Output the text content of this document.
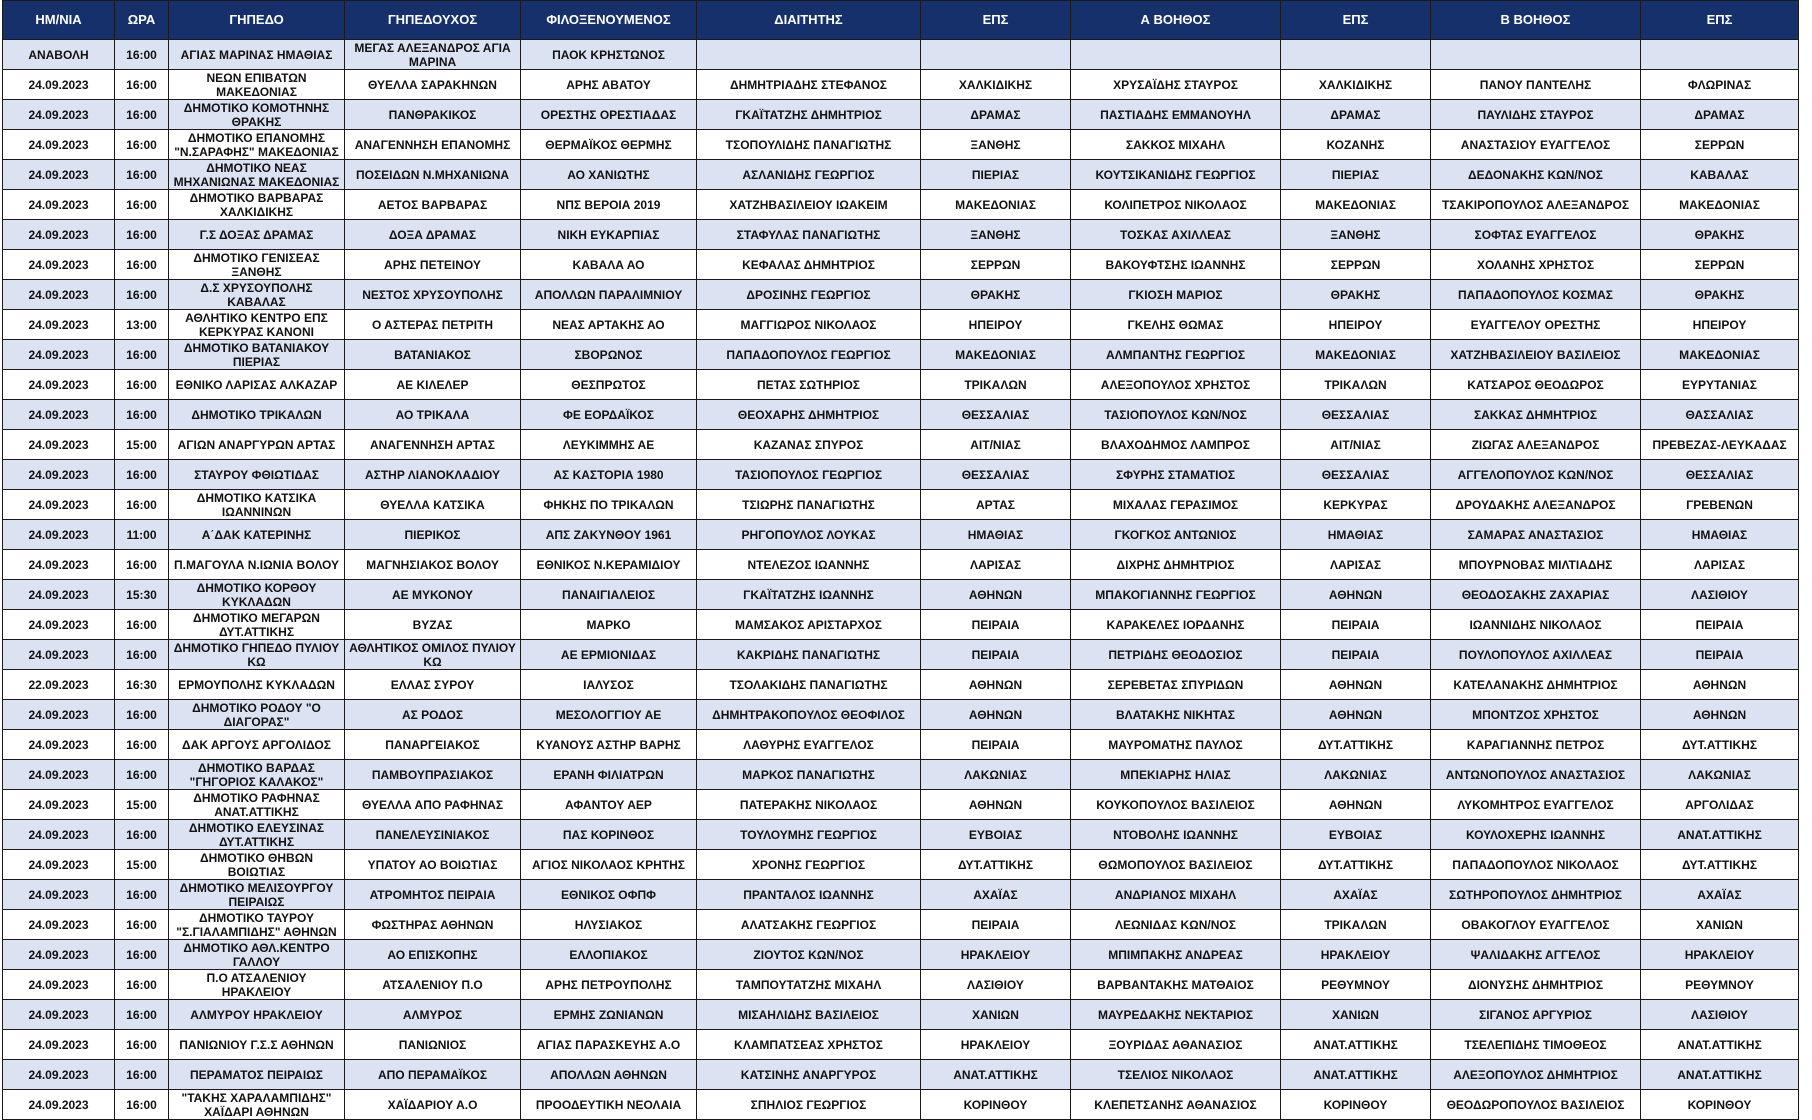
ΗΜ/ΝΙΑ	ΩΡΑ	ΓΗΠΕΔΟ	ΓΗΠΕΔΟΥΧΟΣ	ΦΙΛΟΞΕΝΟΥΜΕΝΟΣ	ΔΙΑΙΤΗΤΗΣ	ΕΠΣ	Α ΒΟΗΘΟΣ	ΕΠΣ	Β ΒΟΗΘΟΣ	ΕΠΣ
ΑΝΑΒΟΛΗ	16:00	ΑΓΙΑΣ ΜΑΡΙΝΑΣ ΗΜΑΘΙΑΣ	ΜΕΓΑΣ ΑΛΕΞΑΝΔΡΟΣ ΑΓΙΑ ΜΑΡΙΝΑ	ΠΑΟΚ ΚΡΗΣΤΩΝΟΣ						
24.09.2023	16:00	ΝΕΩΝ ΕΠΙΒΑΤΩΝ ΜΑΚΕΔΟΝΙΑΣ	ΘΥΕΛΛΑ ΣΑΡΑΚΗΝΩΝ	ΑΡΗΣ ΑΒΑΤΟΥ	ΔΗΜΗΤΡΙΑΔΗΣ ΣΤΕΦΑΝΟΣ	ΧΑΛΚΙΔΙΚΗΣ	ΧΡΥΣΑΪΔΗΣ ΣΤΑΥΡΟΣ	ΧΑΛΚΙΔΙΚΗΣ	ΠΑΝΟΥ ΠΑΝΤΕΛΗΣ	ΦΛΩΡΙΝΑΣ
24.09.2023	16:00	ΔΗΜΟΤΙΚΟ ΚΟΜΟΤΗΝΗΣ ΘΡΑΚΗΣ	ΠΑΝΘΡΑΚΙΚΟΣ	ΟΡΕΣΤΗΣ ΟΡΕΣΤΙΑΔΑΣ	ΓΚΑΪΤΑΤΖΗΣ ΔΗΜΗΤΡΙΟΣ	ΔΡΑΜΑΣ	ΠΑΣΤΙΑΔΗΣ ΕΜΜΑΝΟΥΗΛ	ΔΡΑΜΑΣ	ΠΑΥΛΙΔΗΣ ΣΤΑΥΡΟΣ	ΔΡΑΜΑΣ
24.09.2023	16:00	ΔΗΜΟΤΙΚΟ ΕΠΑΝΟΜΗΣ "Ν.ΣΑΡΑΦΗΣ" ΜΑΚΕΔΟΝΙΑΣ	ΑΝΑΓΕΝΝΗΣΗ ΕΠΑΝΟΜΗΣ	ΘΕΡΜΑΪΚΟΣ ΘΕΡΜΗΣ	ΤΣΟΠΟΥΛΙΔΗΣ ΠΑΝΑΓΙΩΤΗΣ	ΞΑΝΘΗΣ	ΣΑΚΚΟΣ ΜΙΧΑΗΛ	ΚΟΖΑΝΗΣ	ΑΝΑΣΤΑΣΙΟΥ ΕΥΑΓΓΕΛΟΣ	ΣΕΡΡΩΝ
24.09.2023	16:00	ΔΗΜΟΤΙΚΟ ΝΕΑΣ ΜΗΧΑΝΙΩΝΑΣ ΜΑΚΕΔΟΝΙΑΣ	ΠΟΣΕΙΔΩΝ Ν.ΜΗΧΑΝΙΩΝΑ	ΑΟ ΧΑΝΙΩΤΗΣ	ΑΣΛΑΝΙΔΗΣ ΓΕΩΡΓΙΟΣ	ΠΙΕΡΙΑΣ	ΚΟΥΤΣΙΚΑΝΙΔΗΣ ΓΕΩΡΓΙΟΣ	ΠΙΕΡΙΑΣ	ΔΕΔΟΝΑΚΗΣ ΚΩΝ/ΝΟΣ	ΚΑΒΑΛΑΣ
24.09.2023	16:00	ΔΗΜΟΤΙΚΟ ΒΑΡΒΑΡΑΣ ΧΑΛΚΙΔΙΚΗΣ	ΑΕΤΟΣ ΒΑΡΒΑΡΑΣ	ΝΠΣ ΒΕΡΟΙΑ 2019	ΧΑΤΖΗΒΑΣΙΛΕΙΟΥ ΙΩΑΚΕΙΜ	ΜΑΚΕΔΟΝΙΑΣ	ΚΟΛΙΠΕΤΡΟΣ ΝΙΚΟΛΑΟΣ	ΜΑΚΕΔΟΝΙΑΣ	ΤΣΑΚΙΡΟΠΟΥΛΟΣ ΑΛΕΞΑΝΔΡΟΣ	ΜΑΚΕΔΟΝΙΑΣ
24.09.2023	16:00	Γ.Σ ΔΟΞΑΣ ΔΡΑΜΑΣ	ΔΟΞΑ ΔΡΑΜΑΣ	ΝΙΚΗ ΕΥΚΑΡΠΙΑΣ	ΣΤΑΦΥΛΑΣ ΠΑΝΑΓΙΩΤΗΣ	ΞΑΝΘΗΣ	ΤΟΣΚΑΣ ΑΧΙΛΛΕΑΣ	ΞΑΝΘΗΣ	ΣΟΦΤΑΣ ΕΥΑΓΓΕΛΟΣ	ΘΡΑΚΗΣ
24.09.2023	16:00	ΔΗΜΟΤΙΚΟ ΓΕΝΙΣΕΑΣ ΞΑΝΘΗΣ	ΑΡΗΣ ΠΕΤΕΙΝΟΥ	ΚΑΒΑΛΑ ΑΟ	ΚΕΦΑΛΑΣ ΔΗΜΗΤΡΙΟΣ	ΣΕΡΡΩΝ	ΒΑΚΟΥΦΤΣΗΣ ΙΩΑΝΝΗΣ	ΣΕΡΡΩΝ	ΧΟΛΑΝΗΣ ΧΡΗΣΤΟΣ	ΣΕΡΡΩΝ
24.09.2023	16:00	Δ.Σ ΧΡΥΣΟΥΠΟΛΗΣ ΚΑΒΑΛΑΣ	ΝΕΣΤΟΣ ΧΡΥΣΟΥΠΟΛΗΣ	ΑΠΟΛΛΩΝ ΠΑΡΑΛΙΜΝΙΟΥ	ΔΡΟΣΙΝΗΣ ΓΕΩΡΓΙΟΣ	ΘΡΑΚΗΣ	ΓΚΙΟΣΗ ΜΑΡΙΟΣ	ΘΡΑΚΗΣ	ΠΑΠΑΔΟΠΟΥΛΟΣ ΚΟΣΜΑΣ	ΘΡΑΚΗΣ
24.09.2023	13:00	ΑΘΛΗΤΙΚΟ ΚΕΝΤΡΟ ΕΠΣ ΚΕΡΚΥΡΑΣ ΚΑΝΟΝΙ	Ο ΑΣΤΕΡΑΣ ΠΕΤΡΙΤΗ	ΝΕΑΣ ΑΡΤΑΚΗΣ ΑΟ	ΜΑΓΓΙΩΡΟΣ ΝΙΚΟΛΑΟΣ	ΗΠΕΙΡΟΥ	ΓΚΕΛΗΣ ΘΩΜΑΣ	ΗΠΕΙΡΟΥ	ΕΥΑΓΓΕΛΟΥ ΟΡΕΣΤΗΣ	ΗΠΕΙΡΟΥ
24.09.2023	16:00	ΔΗΜΟΤΙΚΟ ΒΑΤΑΝΙΑΚΟΥ ΠΙΕΡΙΑΣ	ΒΑΤΑΝΙΑΚΟΣ	ΣΒΟΡΩΝΟΣ	ΠΑΠΑΔΟΠΟΥΛΟΣ ΓΕΩΡΓΙΟΣ	ΜΑΚΕΔΟΝΙΑΣ	ΑΛΜΠΑΝΤΗΣ ΓΕΩΡΓΙΟΣ	ΜΑΚΕΔΟΝΙΑΣ	ΧΑΤΖΗΒΑΣΙΛΕΙΟΥ ΒΑΣΙΛΕΙΟΣ	ΜΑΚΕΔΟΝΙΑΣ
24.09.2023	16:00	ΕΘΝΙΚΟ ΛΑΡΙΣΑΣ ΑΛΚΑΖΑΡ	ΑΕ ΚΙΛΕΛΕΡ	ΘΕΣΠΡΩΤΟΣ	ΠΕΤΑΣ ΣΩΤΗΡΙΟΣ	ΤΡΙΚΑΛΩΝ	ΑΛΕΞΟΠΟΥΛΟΣ ΧΡΗΣΤΟΣ	ΤΡΙΚΑΛΩΝ	ΚΑΤΣΑΡΟΣ ΘΕΟΔΩΡΟΣ	ΕΥΡΥΤΑΝΙΑΣ
24.09.2023	16:00	ΔΗΜΟΤΙΚΟ ΤΡΙΚΑΛΩΝ	ΑΟ ΤΡΙΚΑΛΑ	ΦΕ ΕΟΡΔΑΪΚΟΣ	ΘΕΟΧΑΡΗΣ ΔΗΜΗΤΡΙΟΣ	ΘΕΣΣΑΛΙΑΣ	ΤΑΣΙΟΠΟΥΛΟΣ ΚΩΝ/ΝΟΣ	ΘΕΣΣΑΛΙΑΣ	ΣΑΚΚΑΣ ΔΗΜΗΤΡΙΟΣ	ΘΑΣΣΑΛΙΑΣ
24.09.2023	15:00	ΑΓΙΩΝ ΑΝΑΡΓΥΡΩΝ ΑΡΤΑΣ	ΑΝΑΓΕΝΝΗΣΗ ΑΡΤΑΣ	ΛΕΥΚΙΜΜΗΣ ΑΕ	ΚΑΖΑΝΑΣ ΣΠΥΡΟΣ	ΑΙΤ/ΝΙΑΣ	ΒΛΑΧΟΔΗΜΟΣ ΛΑΜΠΡΟΣ	ΑΙΤ/ΝΙΑΣ	ΖΙΩΓΑΣ ΑΛΕΞΑΝΔΡΟΣ	ΠΡΕΒΕΖΑΣ-ΛΕΥΚΑΔΑΣ
24.09.2023	16:00	ΣΤΑΥΡΟΥ ΦΘΙΩΤΙΔΑΣ	ΑΣΤΗΡ ΛΙΑΝΟΚΛΑΔΙΟΥ	ΑΣ ΚΑΣΤΟΡΙΑ 1980	ΤΑΣΙΟΠΟΥΛΟΣ ΓΕΩΡΓΙΟΣ	ΘΕΣΣΑΛΙΑΣ	ΣΦΥΡΗΣ ΣΤΑΜΑΤΙΟΣ	ΘΕΣΣΑΛΙΑΣ	ΑΓΓΕΛΟΠΟΥΛΟΣ ΚΩΝ/ΝΟΣ	ΘΕΣΣΑΛΙΑΣ
24.09.2023	16:00	ΔΗΜΟΤΙΚΟ ΚΑΤΣΙΚΑ ΙΩΑΝΝΙΝΩΝ	ΘΥΕΛΛΑ ΚΑΤΣΙΚΑ	ΦΗΚΗΣ ΠΟ ΤΡΙΚΑΛΩΝ	ΤΣΙΩΡΗΣ ΠΑΝΑΓΙΩΤΗΣ	ΑΡΤΑΣ	ΜΙΧΑΛΑΣ ΓΕΡΑΣΙΜΟΣ	ΚΕΡΚΥΡΑΣ	ΔΡΟΥΔΑΚΗΣ ΑΛΕΞΑΝΔΡΟΣ	ΓΡΕΒΕΝΩΝ
24.09.2023	11:00	Α΄ΔΑΚ ΚΑΤΕΡΙΝΗΣ	ΠΙΕΡΙΚΟΣ	ΑΠΣ ΖΑΚΥΝΘΟΥ 1961	ΡΗΓΟΠΟΥΛΟΣ ΛΟΥΚΑΣ	ΗΜΑΘΙΑΣ	ΓΚΟΓΚΟΣ ΑΝΤΩΝΙΟΣ	ΗΜΑΘΙΑΣ	ΣΑΜΑΡΑΣ ΑΝΑΣΤΑΣΙΟΣ	ΗΜΑΘΙΑΣ
24.09.2023	16:00	Π.ΜΑΓΟΥΛΑ Ν.ΙΩΝΙΑ ΒΟΛΟΥ	ΜΑΓΝΗΣΙΑΚΟΣ ΒΟΛΟΥ	ΕΘΝΙΚΟΣ Ν.ΚΕΡΑΜΙΔΙΟΥ	ΝΤΕΛΕΖΟΣ ΙΩΑΝΝΗΣ	ΛΑΡΙΣΑΣ	ΔΙΧΡΗΣ ΔΗΜΗΤΡΙΟΣ	ΛΑΡΙΣΑΣ	ΜΠΟΥΡΝΟΒΑΣ ΜΙΛΤΙΑΔΗΣ	ΛΑΡΙΣΑΣ
24.09.2023	15:30	ΔΗΜΟΤΙΚΟ ΚΟΡΘΟΥ ΚΥΚΛΑΔΩΝ	ΑΕ ΜΥΚΟΝΟΥ	ΠΑΝΑΙΓΙΑΛΕΙΟΣ	ΓΚΑΪΤΑΤΖΗΣ ΙΩΑΝΝΗΣ	ΑΘΗΝΩΝ	ΜΠΑΚΟΓΙΑΝΝΗΣ ΓΕΩΡΓΙΟΣ	ΑΘΗΝΩΝ	ΘΕΟΔΟΣΑΚΗΣ ΖΑΧΑΡΙΑΣ	ΛΑΣΙΘΙΟΥ
24.09.2023	16:00	ΔΗΜΟΤΙΚΟ ΜΕΓΑΡΩΝ ΔΥΤ.ΑΤΤΙΚΗΣ	ΒΥΖΑΣ	ΜΑΡΚΟ	ΜΑΜΣΑΚΟΣ ΑΡΙΣΤΑΡΧΟΣ	ΠΕΙΡΑΙΑ	ΚΑΡΑΚΕΛΕΣ ΙΟΡΔΑΝΗΣ	ΠΕΙΡΑΙΑ	ΙΩΑΝΝΙΔΗΣ ΝΙΚΟΛΑΟΣ	ΠΕΙΡΑΙΑ
24.09.2023	16:00	ΔΗΜΟΤΙΚΟ ΓΗΠΕΔΟ ΠΥΛΙΟΥ ΚΩ	ΑΘΛΗΤΙΚΟΣ ΟΜΙΛΟΣ ΠΥΛΙΟΥ ΚΩ	ΑΕ ΕΡΜΙΟΝΙΔΑΣ	ΚΑΚΡΙΔΗΣ ΠΑΝΑΓΙΩΤΗΣ	ΠΕΙΡΑΙΑ	ΠΕΤΡΙΔΗΣ ΘΕΟΔΟΣΙΟΣ	ΠΕΙΡΑΙΑ	ΠΟΥΛΟΠΟΥΛΟΣ ΑΧΙΛΛΕΑΣ	ΠΕΙΡΑΙΑ
22.09.2023	16:30	ΕΡΜΟΥΠΟΛΗΣ ΚΥΚΛΑΔΩΝ	ΕΛΛΑΣ ΣΥΡΟΥ	ΙΑΛΥΣΟΣ	ΤΣΟΛΑΚΙΔΗΣ ΠΑΝΑΓΙΩΤΗΣ	ΑΘΗΝΩΝ	ΣΕΡΕΒΕΤΑΣ ΣΠΥΡΙΔΩΝ	ΑΘΗΝΩΝ	ΚΑΤΕΛΑΝΑΚΗΣ ΔΗΜΗΤΡΙΟΣ	ΑΘΗΝΩΝ
24.09.2023	16:00	ΔΗΜΟΤΙΚΟ ΡΟΔΟΥ "Ο ΔΙΑΓΟΡΑΣ"	ΑΣ ΡΟΔΟΣ	ΜΕΣΟΛΟΓΓΙΟΥ ΑΕ	ΔΗΜΗΤΡΑΚΟΠΟΥΛΟΣ ΘΕΟΦΙΛΟΣ	ΑΘΗΝΩΝ	ΒΛΑΤΑΚΗΣ ΝΙΚΗΤΑΣ	ΑΘΗΝΩΝ	ΜΠΟΝΤΖΟΣ ΧΡΗΣΤΟΣ	ΑΘΗΝΩΝ
24.09.2023	16:00	ΔΑΚ ΑΡΓΟΥΣ ΑΡΓΟΛΙΔΟΣ	ΠΑΝΑΡΓΕΙΑΚΟΣ	ΚΥΑΝΟΥΣ ΑΣΤΗΡ ΒΑΡΗΣ	ΛΑΘΥΡΗΣ ΕΥΑΓΓΕΛΟΣ	ΠΕΙΡΑΙΑ	ΜΑΥΡΟΜΑΤΗΣ ΠΑΥΛΟΣ	ΔΥΤ.ΑΤΤΙΚΗΣ	ΚΑΡΑΓΙΑΝΝΗΣ ΠΕΤΡΟΣ	ΔΥΤ.ΑΤΤΙΚΗΣ
24.09.2023	16:00	ΔΗΜΟΤΙΚΟ ΒΑΡΔΑΣ "ΓΗΓΟΡΙΟΣ ΚΑΛΑΚΟΣ"	ΠΑΜΒΟΥΠΡΑΣΙΑΚΟΣ	ΕΡΑΝΗ ΦΙΛΙΑΤΡΩΝ	ΜΑΡΚΟΣ ΠΑΝΑΓΙΩΤΗΣ	ΛΑΚΩΝΙΑΣ	ΜΠΕΚΙΑΡΗΣ ΗΛΙΑΣ	ΛΑΚΩΝΙΑΣ	ΑΝΤΩΝΟΠΟΥΛΟΣ ΑΝΑΣΤΑΣΙΟΣ	ΛΑΚΩΝΙΑΣ
24.09.2023	15:00	ΔΗΜΟΤΙΚΟ ΡΑΦΗΝΑΣ ΑΝΑΤ.ΑΤΤΙΚΗΣ	ΘΥΕΛΛΑ ΑΠΟ ΡΑΦΗΝΑΣ	ΑΦΑΝΤΟΥ ΑΕΡ	ΠΑΤΕΡΑΚΗΣ ΝΙΚΟΛΑΟΣ	ΑΘΗΝΩΝ	ΚΟΥΚΟΠΟΥΛΟΣ ΒΑΣΙΛΕΙΟΣ	ΑΘΗΝΩΝ	ΛΥΚΟΜΗΤΡΟΣ ΕΥΑΓΓΕΛΟΣ	ΑΡΓΟΛΙΔΑΣ
24.09.2023	16:00	ΔΗΜΟΤΙΚΟ ΕΛΕΥΣΙΝΑΣ ΔΥΤ.ΑΤΤΙΚΗΣ	ΠΑΝΕΛΕΥΣΙΝΙΑΚΟΣ	ΠΑΣ ΚΟΡΙΝΘΟΣ	ΤΟΥΛΟΥΜΗΣ ΓΕΩΡΓΙΟΣ	ΕΥΒΟΙΑΣ	ΝΤΟΒΟΛΗΣ ΙΩΑΝΝΗΣ	ΕΥΒΟΙΑΣ	ΚΟΥΛΟΧΕΡΗΣ ΙΩΑΝΝΗΣ	ΑΝΑΤ.ΑΤΤΙΚΗΣ
24.09.2023	15:00	ΔΗΜΟΤΙΚΟ ΘΗΒΩΝ ΒΟΙΩΤΙΑΣ	ΥΠΑΤΟΥ ΑΟ ΒΟΙΩΤΙΑΣ	ΑΓΙΟΣ ΝΙΚΟΛΑΟΣ ΚΡΗΤΗΣ	ΧΡΟΝΗΣ ΓΕΩΡΓΙΟΣ	ΔΥΤ.ΑΤΤΙΚΗΣ	ΘΩΜΟΠΟΥΛΟΣ ΒΑΣΙΛΕΙΟΣ	ΔΥΤ.ΑΤΤΙΚΗΣ	ΠΑΠΑΔΟΠΟΥΛΟΣ ΝΙΚΟΛΑΟΣ	ΔΥΤ.ΑΤΤΙΚΗΣ
24.09.2023	16:00	ΔΗΜΟΤΙΚΟ ΜΕΛΙΣΟΥΡΓΟΥ ΠΕΙΡΑΙΩΣ	ΑΤΡΟΜΗΤΟΣ ΠΕΙΡΑΙΑ	ΕΘΝΙΚΟΣ ΟΦΠΦ	ΠΡΑΝΤΑΛΟΣ ΙΩΑΝΝΗΣ	ΑΧΑΪΑΣ	ΑΝΔΡΙΑΝΟΣ ΜΙΧΑΗΛ	ΑΧΑΪΑΣ	ΣΩΤΗΡΟΠΟΥΛΟΣ ΔΗΜΗΤΡΙΟΣ	ΑΧΑΪΑΣ
24.09.2023	16:00	ΔΗΜΟΤΙΚΟ ΤΑΥΡΟΥ "Σ.ΓΙΑΛΑΜΠΙΔΗΣ" ΑΘΗΝΩΝ	ΦΩΣΤΗΡΑΣ ΑΘΗΝΩΝ	ΗΛΥΣΙΑΚΟΣ	ΑΛΑΤΣΑΚΗΣ ΓΕΩΡΓΙΟΣ	ΠΕΙΡΑΙΑ	ΛΕΩΝΙΔΑΣ ΚΩΝ/ΝΟΣ	ΤΡΙΚΑΛΩΝ	ΟΒΑΚΟΓΛΟΥ ΕΥΑΓΓΕΛΟΣ	ΧΑΝΙΩΝ
24.09.2023	16:00	ΔΗΜΟΤΙΚΟ ΑΘΛ.ΚΕΝΤΡΟ ΓΑΛΛΟΥ	ΑΟ ΕΠΙΣΚΟΠΗΣ	ΕΛΛΟΠΙΑΚΟΣ	ΖΙΟΥΤΟΣ ΚΩΝ/ΝΟΣ	ΗΡΑΚΛΕΙΟΥ	ΜΠΙΜΠΑΚΗΣ ΑΝΔΡΕΑΣ	ΗΡΑΚΛΕΙΟΥ	ΨΑΛΙΔΑΚΗΣ ΑΓΓΕΛΟΣ	ΗΡΑΚΛΕΙΟΥ
24.09.2023	16:00	Π.Ο ΑΤΣΑΛΕΝΙΟΥ ΗΡΑΚΛΕΙΟΥ	ΑΤΣΑΛΕΝΙΟΥ Π.Ο	ΑΡΗΣ ΠΕΤΡΟΥΠΟΛΗΣ	ΤΑΜΠΟΥΤΑΤΖΗΣ ΜΙΧΑΗΛ	ΛΑΣΙΘΙΟΥ	ΒΑΡΒΑΝΤΑΚΗΣ ΜΑΤΘΑΙΟΣ	ΡΕΘΥΜΝΟΥ	ΔΙΟΝΥΣΗΣ ΔΗΜΗΤΡΙΟΣ	ΡΕΘΥΜΝΟΥ
24.09.2023	16:00	ΑΛΜΥΡΟΥ ΗΡΑΚΛΕΙΟΥ	ΑΛΜΥΡΟΣ	ΕΡΜΗΣ ΖΩΝΙΑΝΩΝ	ΜΙΣΑΗΛΙΔΗΣ ΒΑΣΙΛΕΙΟΣ	ΧΑΝΙΩΝ	ΜΑΥΡΕΔΑΚΗΣ ΝΕΚΤΑΡΙΟΣ	ΧΑΝΙΩΝ	ΣΙΓΑΝΟΣ ΑΡΓΥΡΙΟΣ	ΛΑΣΙΘΙΟΥ
24.09.2023	16:00	ΠΑΝΙΩΝΙΟΥ Γ.Σ.Σ ΑΘΗΝΩΝ	ΠΑΝΙΩΝΙΟΣ	ΑΓΙΑΣ ΠΑΡΑΣΚΕΥΗΣ Α.Ο	ΚΛΑΜΠΑΤΣΕΑΣ ΧΡΗΣΤΟΣ	ΗΡΑΚΛΕΙΟΥ	ΞΟΥΡΙΔΑΣ ΑΘΑΝΑΣΙΟΣ	ΑΝΑΤ.ΑΤΤΙΚΗΣ	ΤΣΕΛΕΠΙΔΗΣ ΤΙΜΟΘΕΟΣ	ΑΝΑΤ.ΑΤΤΙΚΗΣ
24.09.2023	16:00	ΠΕΡΑΜΑΤΟΣ ΠΕΙΡΑΙΩΣ	ΑΠΟ ΠΕΡΑΜΑΪΚΟΣ	ΑΠΟΛΛΩΝ ΑΘΗΝΩΝ	ΚΑΤΣΙΝΗΣ ΑΝΑΡΓΥΡΟΣ	ΑΝΑΤ.ΑΤΤΙΚΗΣ	ΤΣΕΛΙΟΣ ΝΙΚΟΛΑΟΣ	ΑΝΑΤ.ΑΤΤΙΚΗΣ	ΑΛΕΞΟΠΟΥΛΟΣ ΔΗΜΗΤΡΙΟΣ	ΑΝΑΤ.ΑΤΤΙΚΗΣ
24.09.2023	16:00	"ΤΑΚΗΣ ΧΑΡΑΛΑΜΠΙΔΗΣ" ΧΑΪΔΑΡΙ ΑΘΗΝΩΝ	ΧΑΪΔΑΡΙΟΥ Α.Ο	ΠΡΟΟΔΕΥΤΙΚΗ ΝΕΟΛΑΙΑ	ΣΠΗΛΙΟΣ ΓΕΩΡΓΙΟΣ	ΚΟΡΙΝΘΟΥ	ΚΛΕΠΕΤΣΑΝΗΣ ΑΘΑΝΑΣΙΟΣ	ΚΟΡΙΝΘΟΥ	ΘΕΟΔΩΡΟΠΟΥΛΟΣ ΒΑΣΙΛΕΙΟΣ	ΚΟΡΙΝΘΟΥ
